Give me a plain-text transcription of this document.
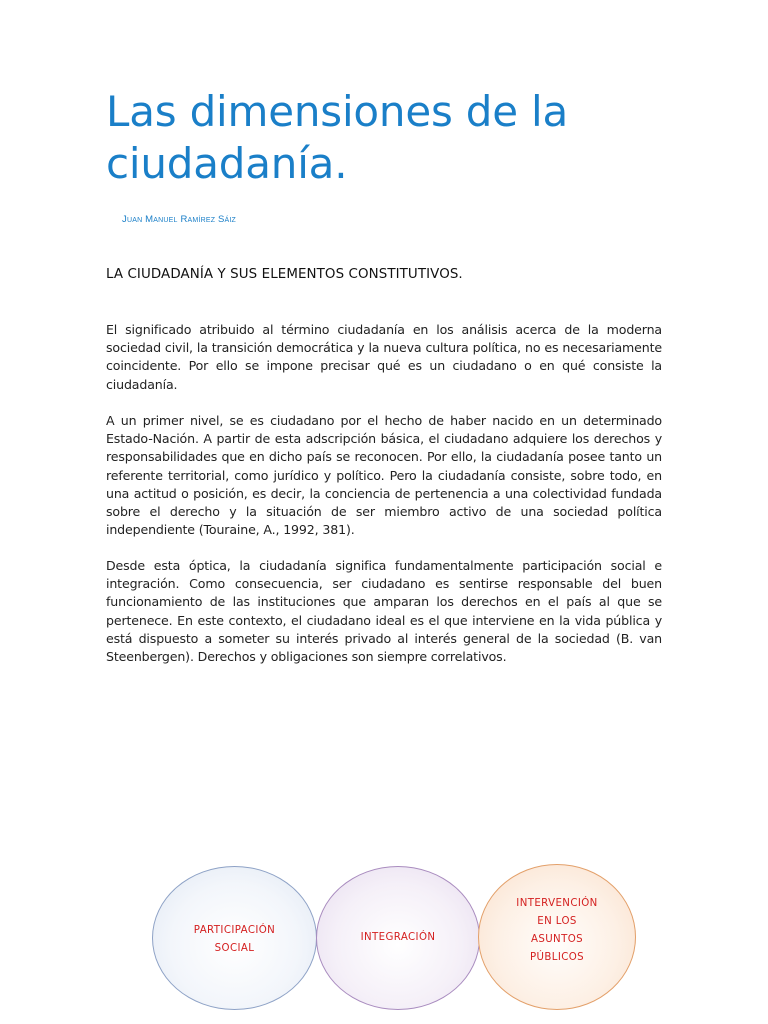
Las dimensiones de la ciudadanía.

Juan Manuel Ramírez Sáiz

LA CIUDADANÍA Y SUS ELEMENTOS CONSTITUTIVOS.

El significado atribuido al término ciudadanía en los análisis acerca de la moderna sociedad civil, la transición democrática y la nueva cultura política, no es necesariamente coincidente. Por ello se impone precisar qué es un ciudadano o en qué consiste la ciudadanía.

A un primer nivel, se es ciudadano por el hecho de haber nacido en un determinado Estado-Nación. A partir de esta adscripción básica, el ciudadano adquiere los derechos y responsabilidades que en dicho país se reconocen. Por ello, la ciudadanía posee tanto un referente territorial, como jurídico y político. Pero la ciudadanía consiste, sobre todo, en una actitud o posición, es decir, la conciencia de pertenencia a una colectividad fundada sobre el derecho y la situación de ser miembro activo de una sociedad política independiente (Touraine, A., 1992, 381).

Desde esta óptica, la ciudadanía significa fundamentalmente participación social e integración. Como consecuencia, ser ciudadano es sentirse responsable del buen funcionamiento de las instituciones que amparan los derechos en el país al que se pertenece. En este contexto, el ciudadano ideal es el que interviene en la vida pública y está dispuesto a someter su interés privado al interés general de la sociedad (B. van Steenbergen). Derechos y obligaciones son siempre correlativos.

PARTICIPACIÓN
SOCIAL
INTEGRACIÓN
INTERVENCIÓN
EN LOS
ASUNTOS
PÚBLICOS
